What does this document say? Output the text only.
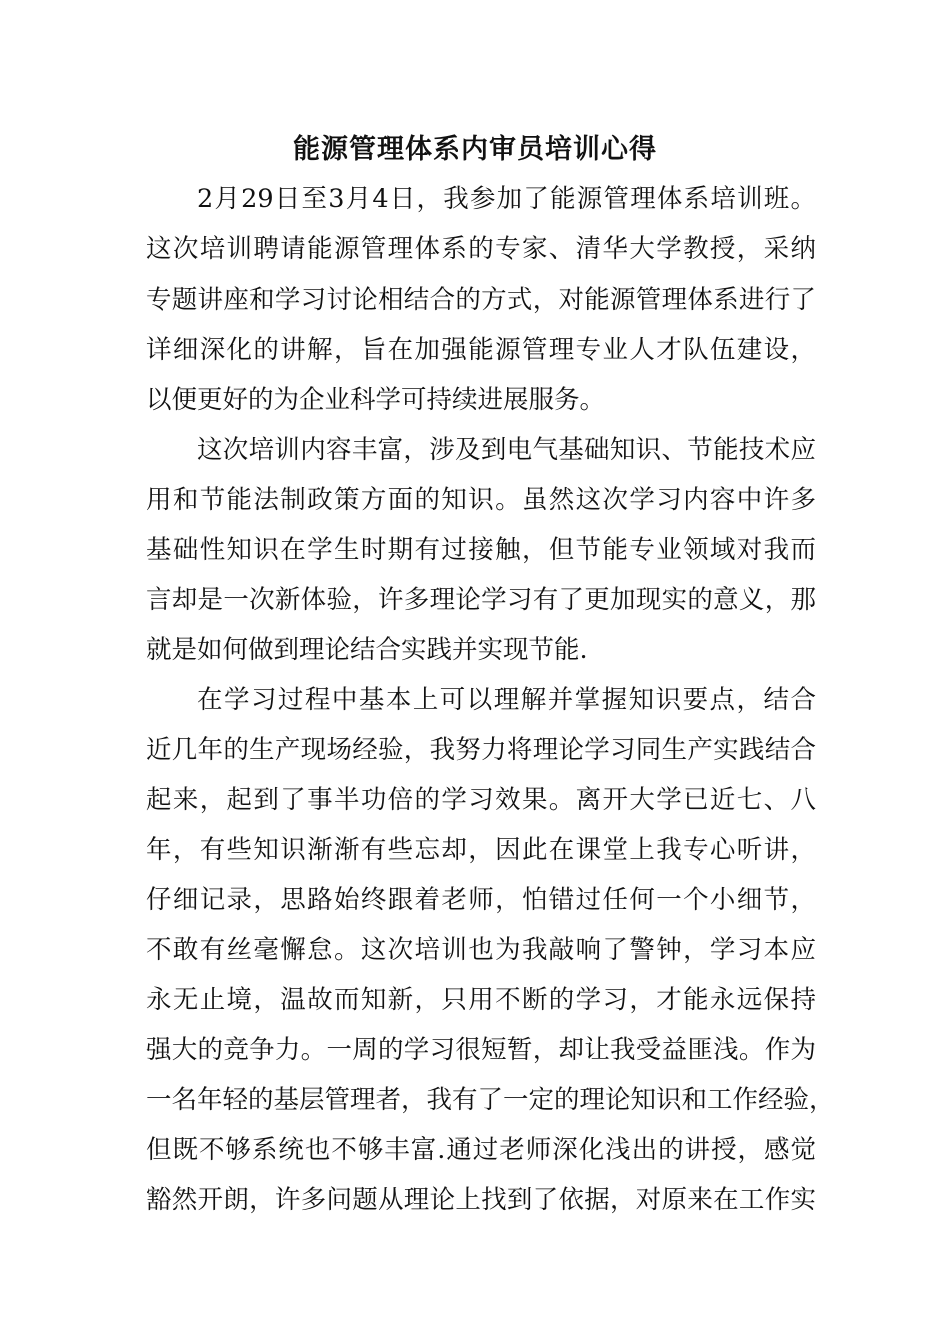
能源管理体系内审员培训心得
2月29日至3月4日，我参加了能源管理体系培训班。
这次培训聘请能源管理体系的专家、清华大学教授，采纳
专题讲座和学习讨论相结合的方式，对能源管理体系进行了
详细深化的讲解，旨在加强能源管理专业人才队伍建设，
以便更好的为企业科学可持续进展服务。
这次培训内容丰富，涉及到电气基础知识、节能技术应
用和节能法制政策方面的知识。虽然这次学习内容中许多
基础性知识在学生时期有过接触，但节能专业领域对我而
言却是一次新体验，许多理论学习有了更加现实的意义，那
就是如何做到理论结合实践并实现节能.
在学习过程中基本上可以理解并掌握知识要点，结合
近几年的生产现场经验，我努力将理论学习同生产实践结合
起来，起到了事半功倍的学习效果。离开大学已近七、八
年，有些知识渐渐有些忘却，因此在课堂上我专心听讲，
仔细记录，思路始终跟着老师，怕错过任何一个小细节，
不敢有丝毫懈怠。这次培训也为我敲响了警钟，学习本应
永无止境，温故而知新，只用不断的学习，才能永远保持
强大的竞争力。一周的学习很短暂，却让我受益匪浅。作为
一名年轻的基层管理者，我有了一定的理论知识和工作经验，
但既不够系统也不够丰富.通过老师深化浅出的讲授，感觉
豁然开朗，许多问题从理论上找到了依据，对原来在工作实
